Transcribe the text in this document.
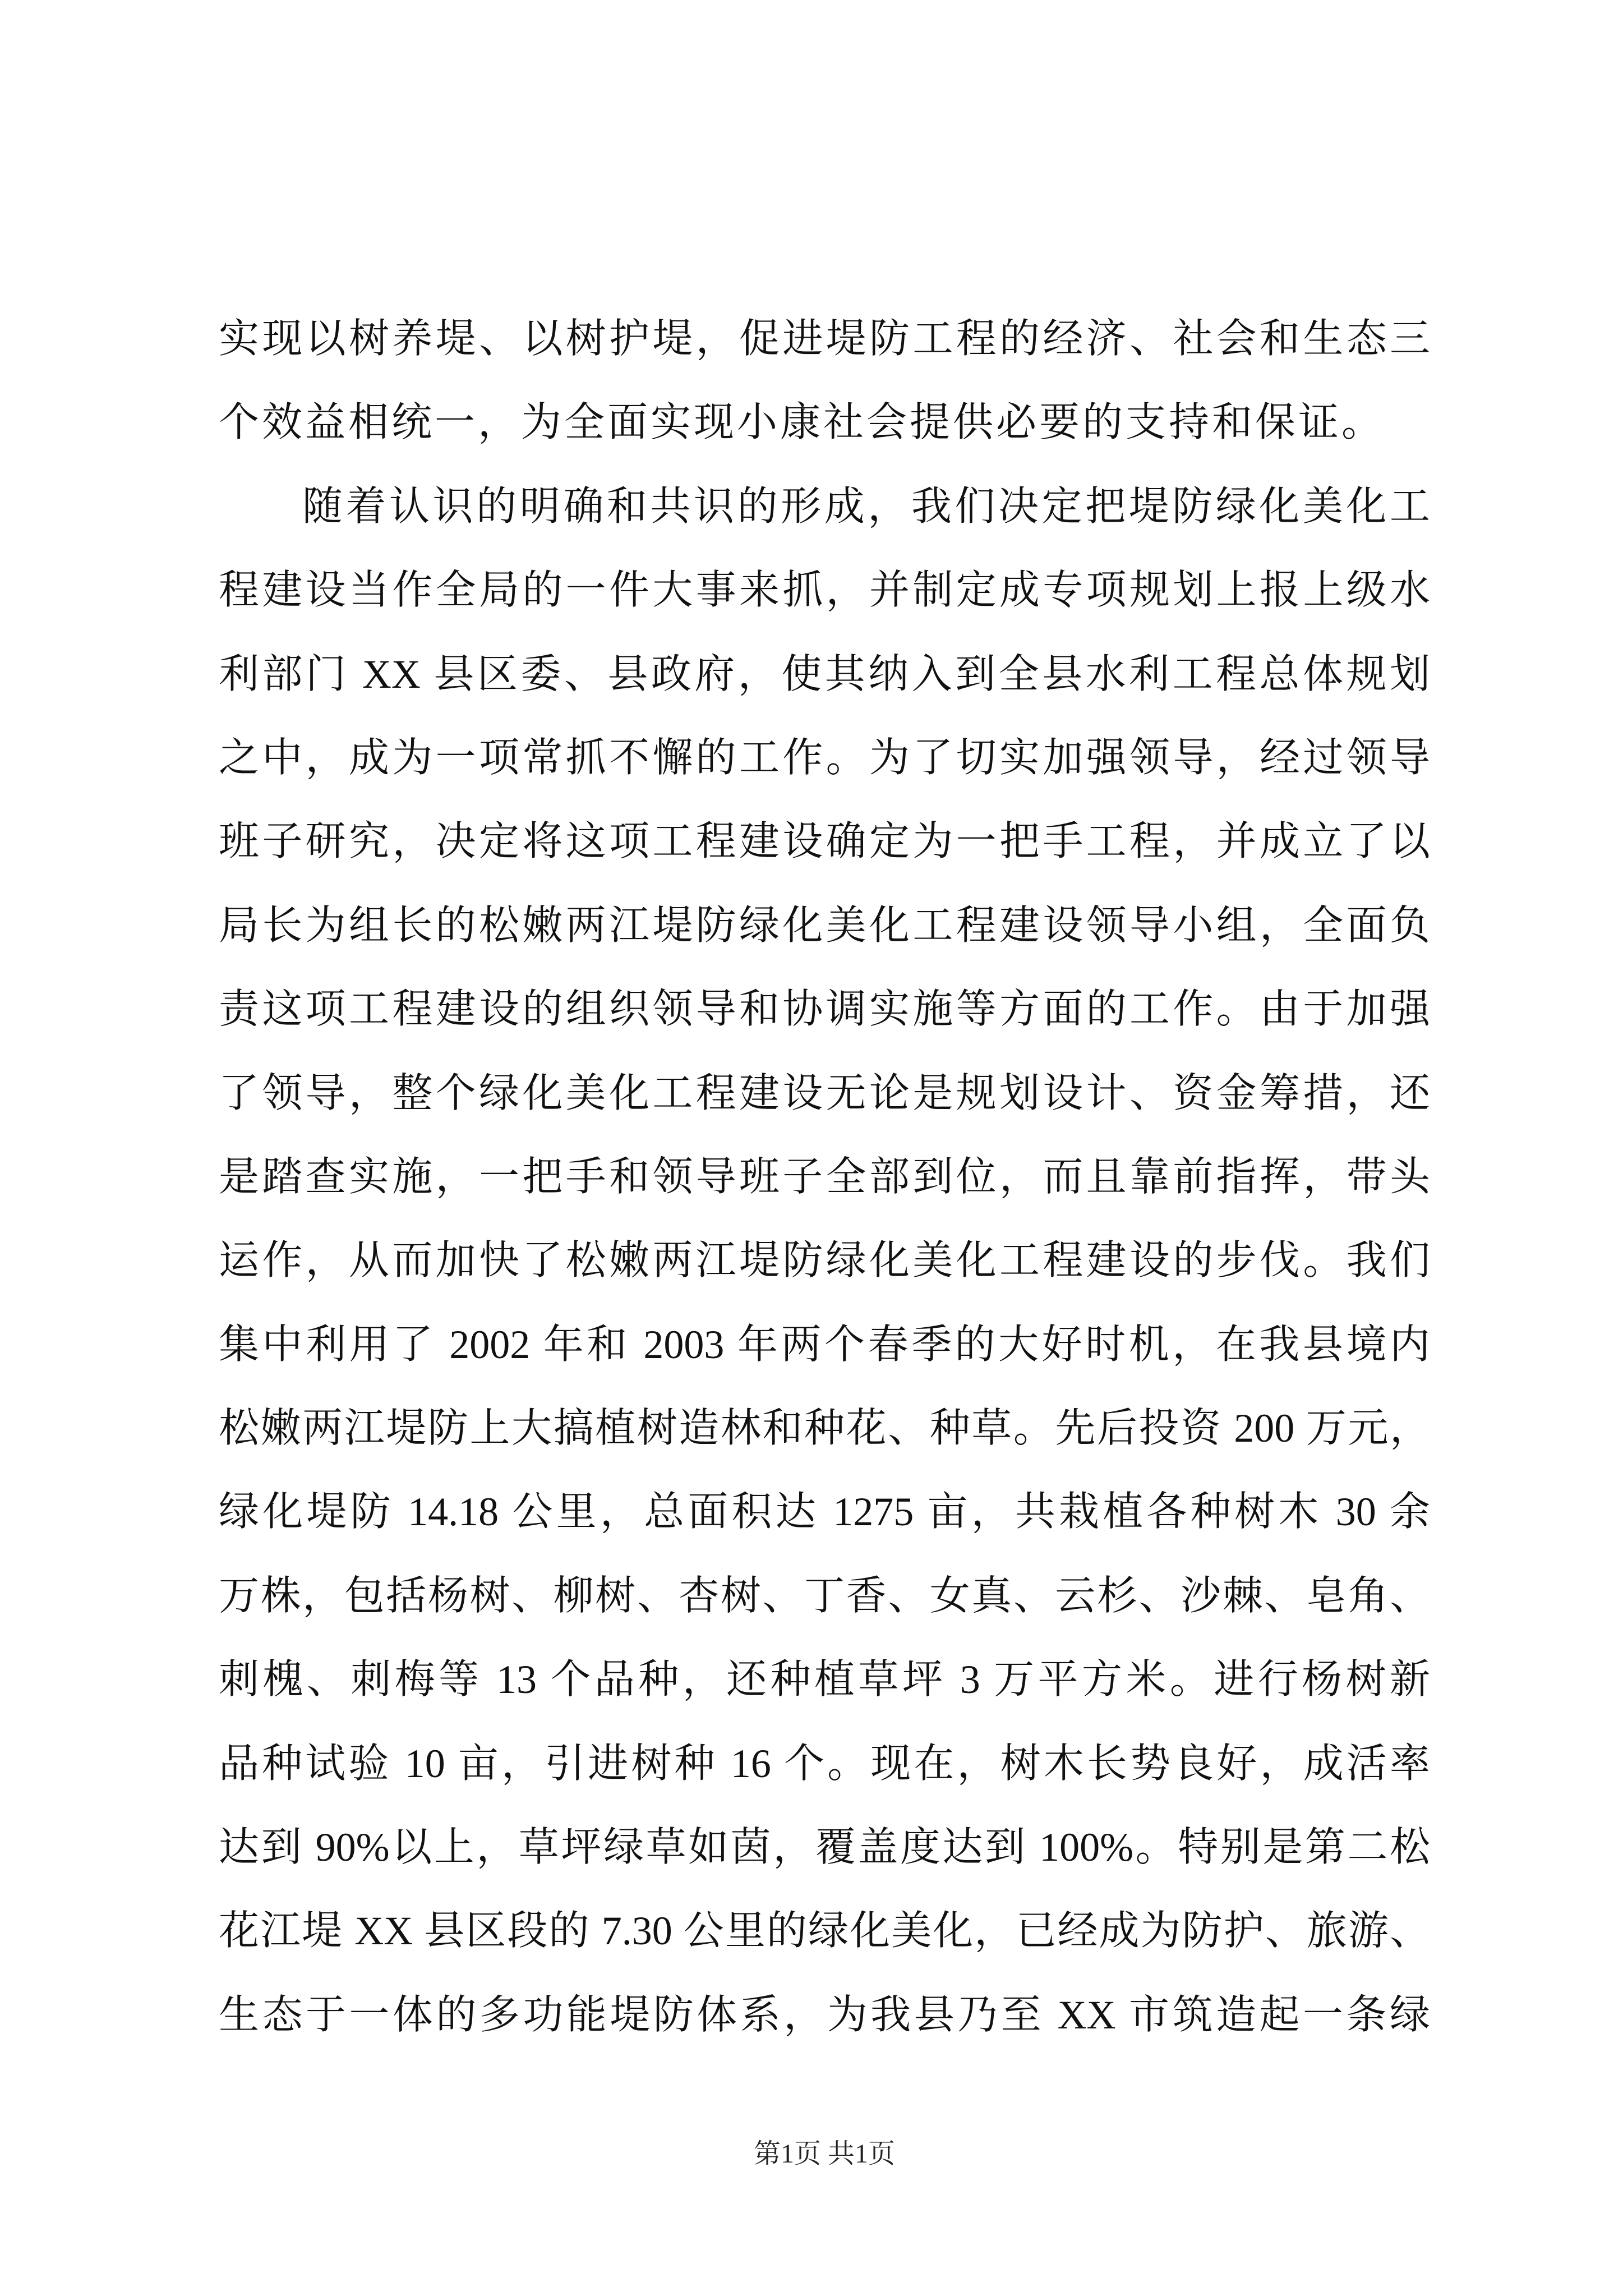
实现以树养堤、以树护堤，促进堤防工程的经济、社会和生态三
个效益相统一，为全面实现小康社会提供必要的支持和保证。
随着认识的明确和共识的形成，我们决定把堤防绿化美化工
程建设当作全局的一件大事来抓，并制定成专项规划上报上级水
利部门 XX 县区委、县政府，使其纳入到全县水利工程总体规划
之中，成为一项常抓不懈的工作。为了切实加强领导，经过领导
班子研究，决定将这项工程建设确定为一把手工程，并成立了以
局长为组长的松嫩两江堤防绿化美化工程建设领导小组，全面负
责这项工程建设的组织领导和协调实施等方面的工作。由于加强
了领导，整个绿化美化工程建设无论是规划设计、资金筹措，还
是踏查实施，一把手和领导班子全部到位，而且靠前指挥，带头
运作，从而加快了松嫩两江堤防绿化美化工程建设的步伐。我们
集中利用了 2002 年和 2003 年两个春季的大好时机，在我县境内
松嫩两江堤防上大搞植树造林和种花、种草。先后投资 200 万元，
绿化堤防 14.18 公里，总面积达 1275 亩，共栽植各种树木 30 余
万株，包括杨树、柳树、杏树、丁香、女真、云杉、沙棘、皂角、
刺槐、刺梅等 13 个品种，还种植草坪 3 万平方米。进行杨树新
品种试验 10 亩，引进树种 16 个。现在，树木长势良好，成活率
达到 90%以上，草坪绿草如茵，覆盖度达到 100%。特别是第二松
花江堤 XX 县区段的 7.30 公里的绿化美化，已经成为防护、旅游、
生态于一体的多功能堤防体系，为我县乃至 XX 市筑造起一条绿
第1页 共1页
